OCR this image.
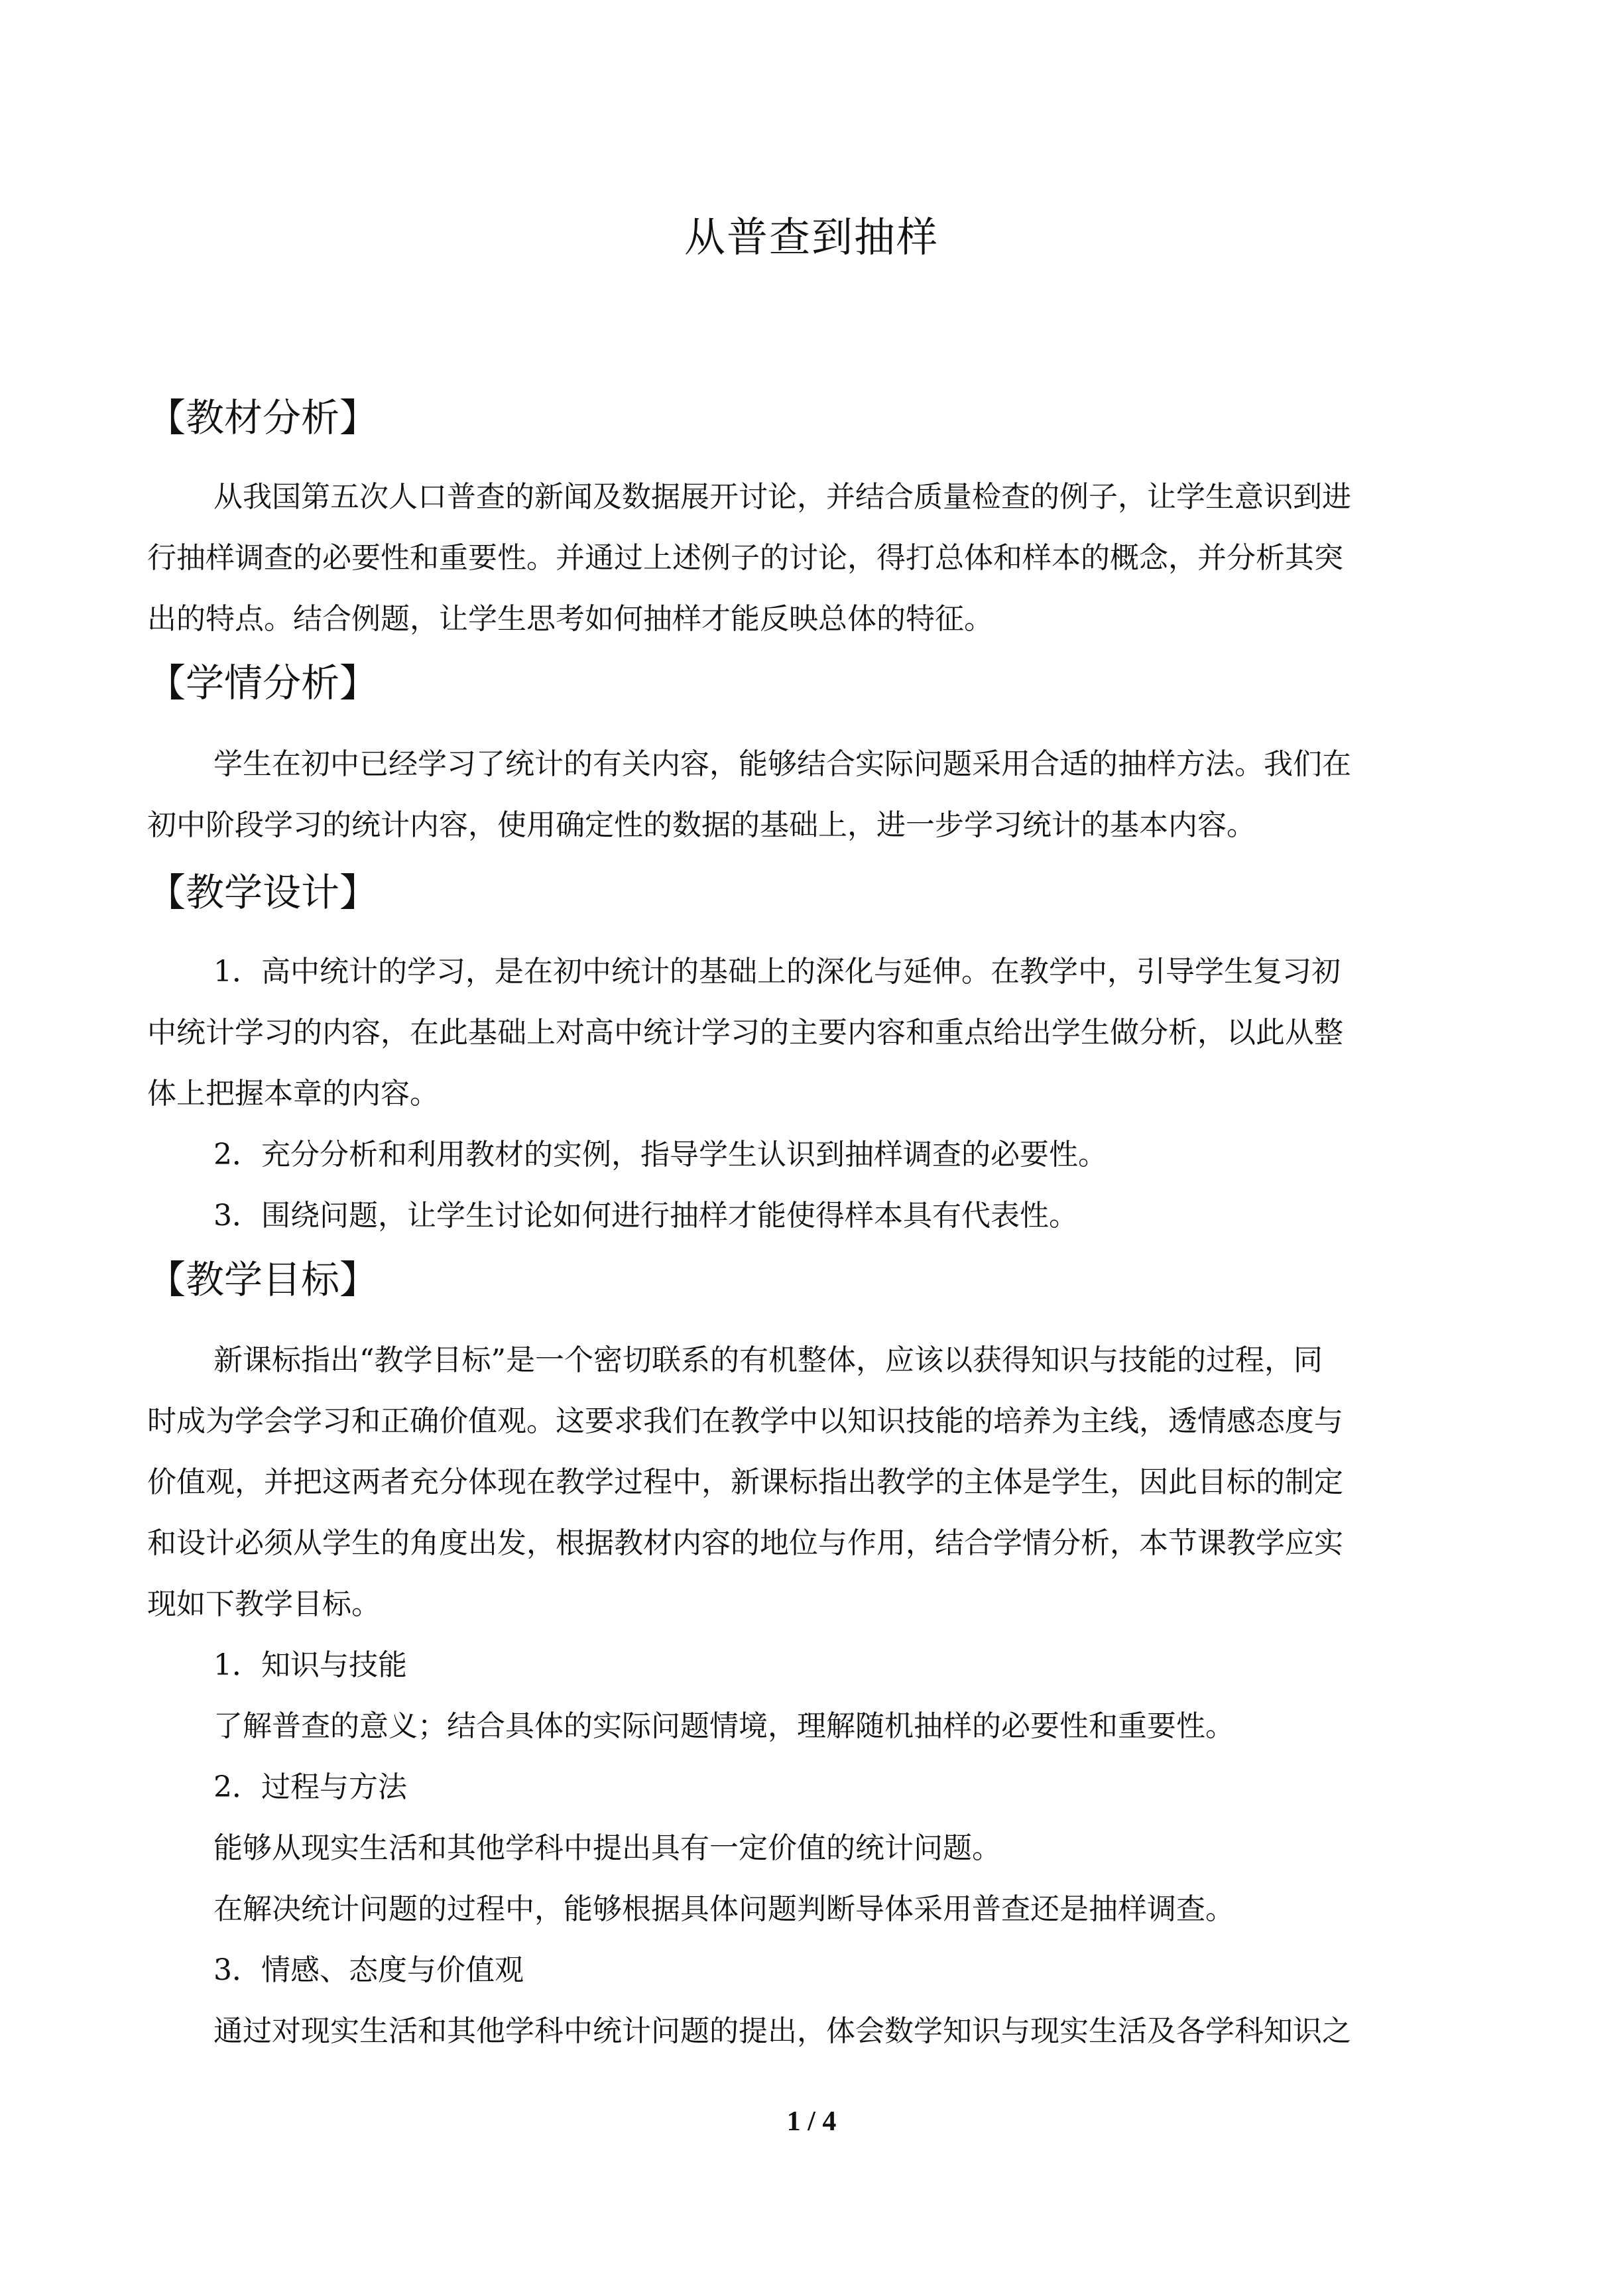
从普查到抽样
【教材分析】
从我国第五次人口普查的新闻及数据展开讨论，并结合质量检查的例子，让学生意识到进
行抽样调查的必要性和重要性。并通过上述例子的讨论，得打总体和样本的概念，并分析其突
出的特点。结合例题，让学生思考如何抽样才能反映总体的特征。
【学情分析】
学生在初中已经学习了统计的有关内容，能够结合实际问题采用合适的抽样方法。我们在
初中阶段学习的统计内容，使用确定性的数据的基础上，进一步学习统计的基本内容。
【教学设计】
1．高中统计的学习，是在初中统计的基础上的深化与延伸。在教学中，引导学生复习初
中统计学习的内容，在此基础上对高中统计学习的主要内容和重点给出学生做分析，以此从整
体上把握本章的内容。
2．充分分析和利用教材的实例，指导学生认识到抽样调查的必要性。
3．围绕问题，让学生讨论如何进行抽样才能使得样本具有代表性。
【教学目标】
新课标指出“教学目标”是一个密切联系的有机整体，应该以获得知识与技能的过程，同
时成为学会学习和正确价值观。这要求我们在教学中以知识技能的培养为主线，透情感态度与
价值观，并把这两者充分体现在教学过程中，新课标指出教学的主体是学生，因此目标的制定
和设计必须从学生的角度出发，根据教材内容的地位与作用，结合学情分析，本节课教学应实
现如下教学目标。
1．知识与技能
了解普查的意义；结合具体的实际问题情境，理解随机抽样的必要性和重要性。
2．过程与方法
能够从现实生活和其他学科中提出具有一定价值的统计问题。
在解决统计问题的过程中，能够根据具体问题判断导体采用普查还是抽样调查。
3．情感、态度与价值观
通过对现实生活和其他学科中统计问题的提出，体会数学知识与现实生活及各学科知识之
1 / 4
